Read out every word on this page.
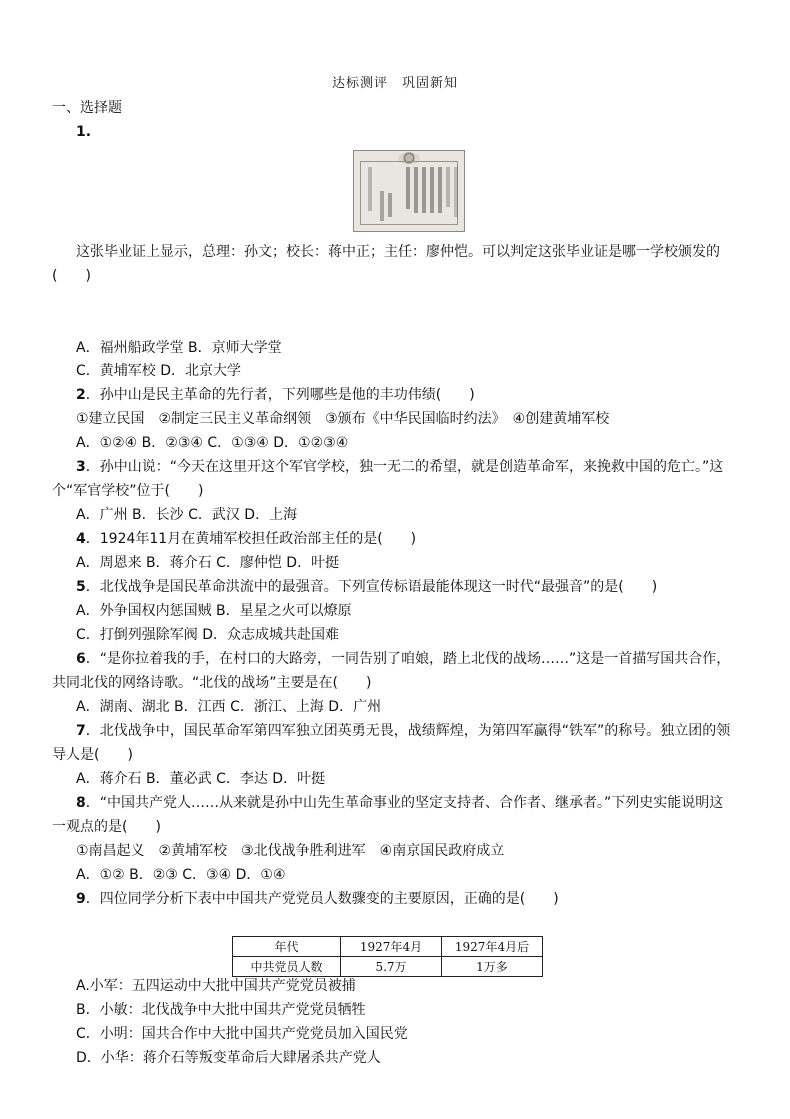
达标测评　巩固新知
一、选择题
1.
这张毕业证上显示，总理：孙文；校长：蒋中正；主任：廖仲恺。可以判定这张毕业证是哪一学校颁发的
(　　)
A．福州船政学堂 B．京师大学堂
C．黄埔军校 D．北京大学
2．孙中山是民主革命的先行者，下列哪些是他的丰功伟绩(　　)
①建立民国　②制定三民主义革命纲领　③颁布《中华民国临时约法》　④创建黄埔军校
A．①②④ B．②③④ C．①③④ D．①②③④
3．孙中山说：“今天在这里开这个军官学校，独一无二的希望，就是创造革命军，来挽救中国的危亡。”这
个“军官学校”位于(　　)
A．广州 B．长沙 C．武汉 D．上海
4．1924年11月在黄埔军校担任政治部主任的是(　　)
A．周恩来 B．蒋介石 C．廖仲恺 D．叶挺
5．北伐战争是国民革命洪流中的最强音。下列宣传标语最能体现这一时代“最强音”的是(　　)
A．外争国权内惩国贼 B．星星之火可以燎原
C．打倒列强除军阀 D．众志成城共赴国难
6．“是你拉着我的手，在村口的大路旁，一同告别了咱娘，踏上北伐的战场……”这是一首描写国共合作，
共同北伐的网络诗歌。“北伐的战场”主要是在(　　)
A．湖南、湖北 B．江西 C．浙江、上海 D．广州
7．北伐战争中，国民革命军第四军独立团英勇无畏，战绩辉煌，为第四军赢得“铁军”的称号。独立团的领
导人是(　　)
A．蒋介石 B．董必武 C．李达 D．叶挺
8．“中国共产党人……从来就是孙中山先生革命事业的坚定支持者、合作者、继承者。”下列史实能说明这
一观点的是(　　)
①南昌起义　②黄埔军校　③北伐战争胜利进军　④南京国民政府成立
A．①② B．②③ C．③④ D．①④
9．四位同学分析下表中中国共产党党员人数骤变的主要原因，正确的是(　　)
年代	1927年4月	1927年4月后
中共党员人数	5.7万	1万多
A.小军：五四运动中大批中国共产党党员被捕
B．小敏：北伐战争中大批中国共产党党员牺牲
C．小明：国共合作中大批中国共产党党员加入国民党
D．小华：蒋介石等叛变革命后大肆屠杀共产党人
